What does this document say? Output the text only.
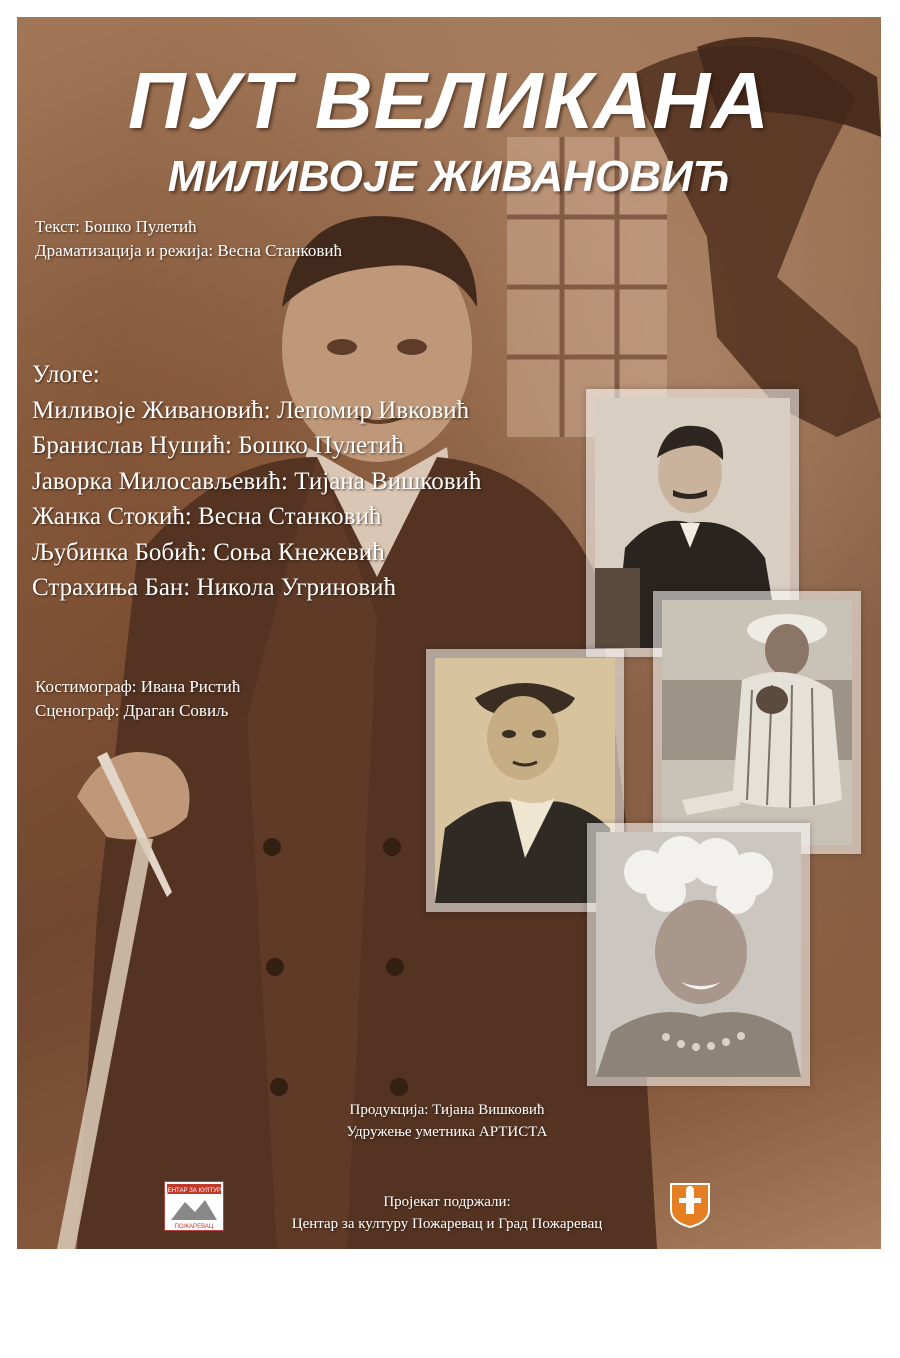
ПУТ ВЕЛИКАНА
МИЛИВОЈЕ ЖИВАНОВИЋ
Текст: Бошко Пулетић
Драматизација и режија: Весна Станковић
Улоге:
Миливоје Живановић: Лепомир Ивковић
Бранислав Нушић: Бошко Пулетић
Јаворка Милосављевић: Тијана Вишковић
Жанка Стокић: Весна Станковић
Љубинка Бобић: Соња Кнежевић
Страхиња Бан: Никола Угриновић
Костимограф: Ивана Ристић
Сценограф: Драган Совиљ
Продукција: Тијана Вишковић
Удружење уметника АРТИСТА
ЦЕНТАР ЗА КУЛТУРУ
ПОЖАРЕВАЦ
Пројекат подржали:
Центар за културу Пожаревац и Град Пожаревац
